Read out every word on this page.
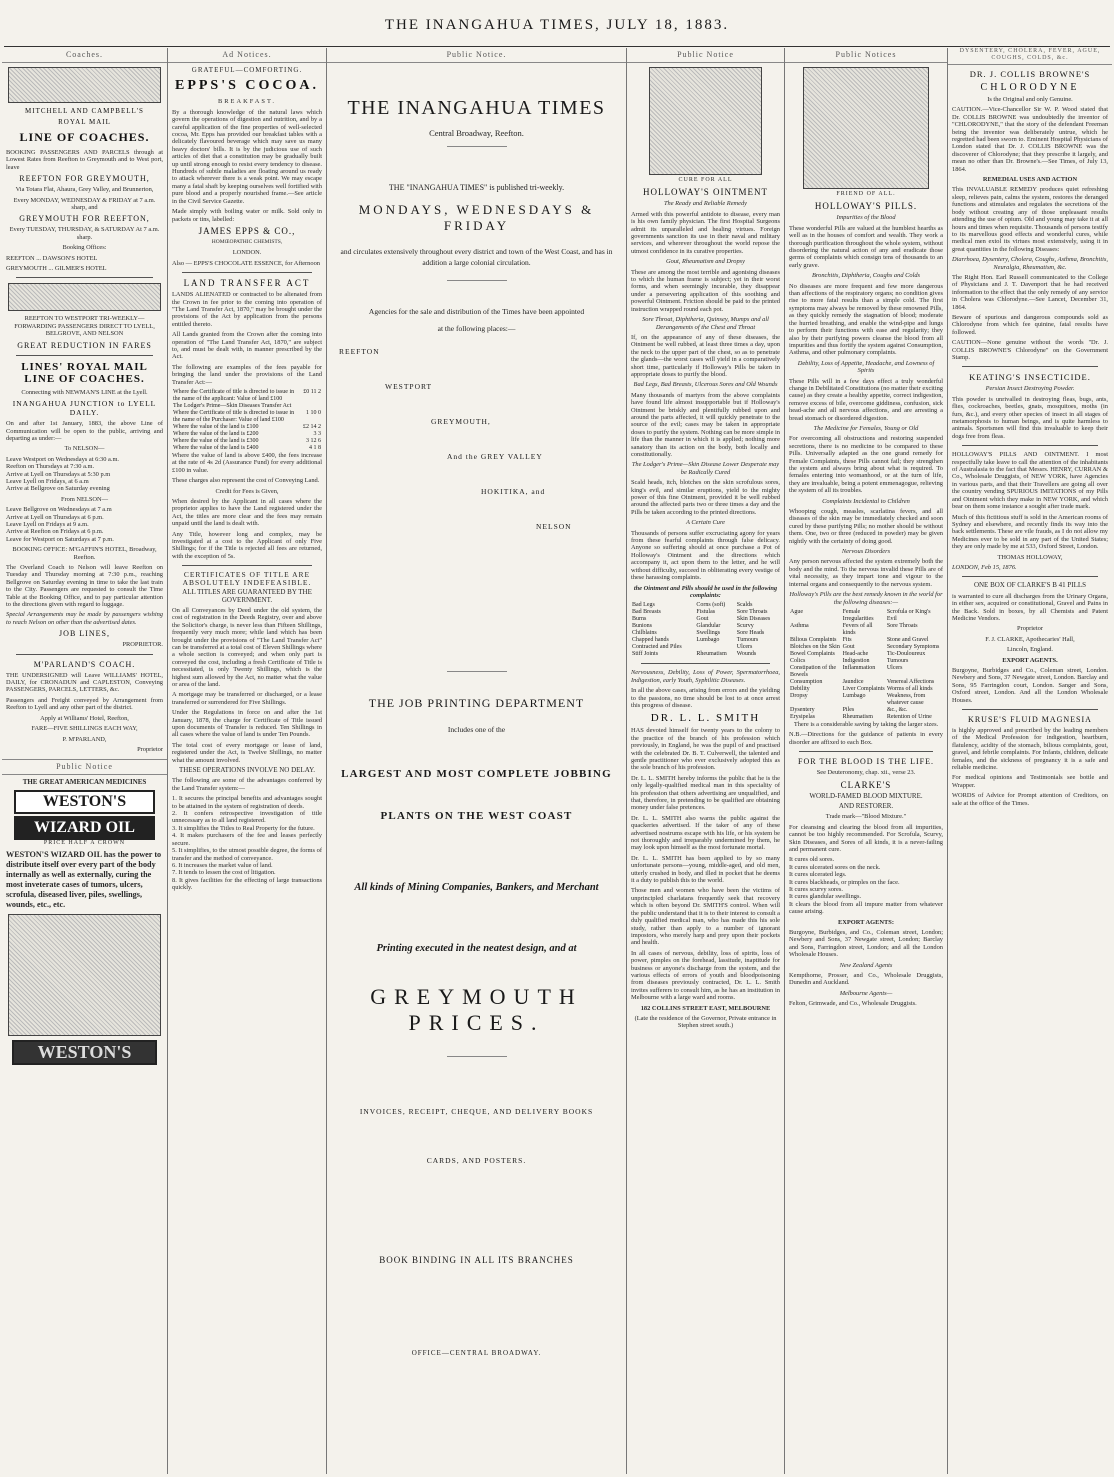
THE INANGAHUA TIMES, JULY 18, 1883.
Coaches.
MITCHELL AND CAMPBELL'S
ROYAL MAIL
LINE OF COACHES.

BOOKING PASSENGERS AND PARCELS through at Lowest Rates from Reefton to Greymouth and to West port, leave

REEFTON FOR GREYMOUTH,

Via Totara Flat, Ahaura, Grey Valley, and Brunnerton,

Every MONDAY, WEDNESDAY & FRIDAY at 7 a.m. sharp, and

GREYMOUTH FOR REEFTON,

Every TUESDAY, THURSDAY, & SATURDAY At 7 a.m. sharp.

Booking Offices:

REEFTON ... DAWSON'S HOTEL

GREYMOUTH ... GILMER'S HOTEL

REEFTON TO WESTPORT TRI-WEEKLY—FORWARDING PASSENGERS DIRECT TO LYELL, BELGROVE, AND NELSON

GREAT REDUCTION IN FARES
LINES' ROYAL MAIL LINE OF COACHES.

Connecting with NEWMAN'S LINE at the Lyell.

INANGAHUA JUNCTION to LYELL DAILY.

On and after 1st January, 1883, the above Line of Communication will be open to the public, arriving and departing as under:—

To NELSON—

Leave Westport on Wednesdays at 6:30 a.m.
Reefton on Thursdays at 7:30 a.m.
Arrive at Lyell on Thursdays at 5:30 p.m
Leave Lyell on Fridays, at 6 a.m
Arrive at Bellgrove on Saturday evening

From NELSON—

Leave Bellgrove on Wednesdays at 7 a.m
Arrive at Lyell on Thursdays at 6 p.m.
Leave Lyell on Fridays at 9 a.m.
Arrive at Reefton on Fridays at 6 p.m.
Leave for Westport on Saturdays at 7 p.m.

BOOKING OFFICE: M'GAFFIN'S HOTEL, Broadway, Reefton.

The Overland Coach to Nelson will leave Reefton on Tuesday and Thursday morning at 7:30 p.m., reaching Bellgrove on Saturday evening in time to take the last train to the City. Passengers are requested to consult the Time Table at the Booking Office, and to pay particular attention to the directions given with regard to luggage.

Special Arrangements may be made by passengers wishing to reach Nelson on other than the advertised dates.

JOB LINES,

PROPRIETOR.

M'PARLAND'S COACH.

THE UNDERSIGNED will Leave WILLIAMS' HOTEL, DAILY, for CRONADUN and CAPLESTON, Conveying PASSENGERS, PARCELS, LETTERS, &c.

Passengers and Freight conveyed by Arrangement from Reefton to Lyell and any other part of the district.

Apply at Williams' Hotel, Reefton,

FARE—FIVE SHILLINGS EACH WAY,

P. M'PARLAND,

Proprietor

Public Notice

THE GREAT AMERICAN MEDICINES

WESTON'S
WIZARD OIL

PRICE HALF A CROWN

WESTON'S WIZARD OIL has the power to distribute itself over every part of the body internally as well as externally, curing the most inveterate cases of tumors, ulcers, scrofula, diseased liver, piles, swellings, wounds, etc., etc.

WESTON'S
Ad Notices.

GRATEFUL—COMFORTING.

EPPS'S COCOA.

BREAKFAST.

By a thorough knowledge of the natural laws which govern the operations of digestion and nutrition, and by a careful application of the fine properties of well-selected cocoa, Mr. Epps has provided our breakfast tables with a delicately flavoured beverage which may save us many heavy doctors' bills. It is by the judicious use of such articles of diet that a constitution may be gradually built up until strong enough to resist every tendency to disease. Hundreds of subtle maladies are floating around us ready to attack wherever there is a weak point. We may escape many a fatal shaft by keeping ourselves well fortified with pure blood and a properly nourished frame.—See article in the Civil Service Gazette.

Made simply with boiling water or milk. Sold only in packets or tins, labelled:

JAMES EPPS & CO.,

HOMŒOPATHIC CHEMISTS,

LONDON.

Also — EPPS'S CHOCOLATE ESSENCE, for Afternoon

LAND TRANSFER ACT

LANDS ALIENATED or contracted to be alienated from the Crown in fee prior to the coming into operation of "The Land Transfer Act, 1870," may be brought under the provisions of the Act by application from the persons entitled thereto.

All Lands granted from the Crown after the coming into operation of "The Land Transfer Act, 1870," are subject to, and must be dealt with, in manner prescribed by the Act.

The following are examples of the fees payable for bringing the land under the provisions of the Land Transfer Act:—

Where the Certificate of title is directed to issue in the name of the applicant: Value of land £100	£0 11 2
The Lodger's Prime—Skin Diseases Transfer Act	
Where the Certificate of title is directed to issue in the name of the Purchaser: Value of land £100	1 10 0
Where the value of the land is £100	£2 14 2
Where the value of the land is £200	3 3
Where the value of the land is £300	3 12 6
Where the value of the land is £400	4 1 8

Where the value of land is above £400, the fees increase at the rate of 4s 2d (Assurance Fund) for every additional £100 in value.

These charges also represent the cost of Conveying Land.

Credit for Fees is Given,

When desired by the Applicant in all cases where the proprietor applies to have the Land registered under the Act, the titles are more clear and the fees may remain unpaid until the land is dealt with.

Any Title, however long and complex, may be investigated at a cost to the Applicant of only Five Shillings; for if the Title is rejected all fees are returned, with the exception of 5s.

CERTIFICATES OF TITLE ARE ABSOLUTELY INDEFEASIBLE.

ALL TITLES ARE GUARANTEED BY THE GOVERNMENT.

On all Conveyances by Deed under the old system, the cost of registration in the Deeds Registry, over and above the Solicitor's charge, is never less than Fifteen Shillings, frequently very much more; while land which has been brought under the provisions of "The Land Transfer Act" can be transferred at a total cost of Eleven Shillings where a whole section is conveyed; and when only part is conveyed the cost, including a fresh Certificate of Title is necessitated, is only Twenty Shillings, which is the highest sum allowed by the Act, no matter what the value or area of the land.

A mortgage may be transferred or discharged, or a lease transferred or surrendered for Five Shillings.

Under the Regulations in force on and after the 1st January, 1878, the charge for Certificate of Title issued upon documents of Transfer is reduced. Ten Shillings in all cases where the value of land is under Ten Pounds.

The total cost of every mortgage or lease of land, registered under the Act, is Twelve Shillings, no matter what the amount involved.

THESE OPERATIONS INVOLVE NO DELAY.

The following are some of the advantages conferred by the Land Transfer system:—

1. It secures the principal benefits and advantages sought to be attained in the system of registration of deeds.
2. It confers retrospective investigation of title unnecessary as to all land registered.
3. It simplifies the Titles to Real Property for the future.
4. It makes purchasers of the fee and leases perfectly secure.
5. It simplifies, to the utmost possible degree, the forms of transfer and the method of conveyance.
6. It increases the market value of land.
7. It tends to lessen the cost of litigation.
8. It gives facilities for the effecting of large transactions quickly.

Public Notice.
THE INANGAHUA TIMES
Central Broadway, Reefton.
THE "INANGAHUA TIMES" is published tri-weekly.
MONDAYS, WEDNESDAYS & FRIDAY
and circulates extensively throughout every district and town of the West Coast, and has in addition a large colonial circulation.
Agencies for the sale and distribution of the Times have been appointed
at the following places:—
REEFTON
WESTPORT
GREYMOUTH,
And the GREY VALLEY
HOKITIKA, and
NELSON
THE JOB PRINTING DEPARTMENT
Includes one of the
LARGEST AND MOST COMPLETE JOBBING
PLANTS ON THE WEST COAST
All kinds of Mining Companies, Bankers, and Merchant
Printing executed in the neatest design, and at
GREYMOUTH PRICES.
INVOICES, RECEIPT, CHEQUE, AND DELIVERY BOOKS
CARDS, AND POSTERS.
BOOK BINDING IN ALL ITS BRANCHES
OFFICE—CENTRAL BROADWAY.
Public Notice

CURE FOR ALL

HOLLOWAY'S OINTMENT

The Ready and Reliable Remedy

Armed with this powerful antidote to disease, every man is his own family physician. The first Hospital Surgeons admit its unparalleled and healing virtues. Foreign governments sanction its use in their naval and military services, and wherever throughout the world repose the utmost confidence in its curative properties.

Gout, Rheumatism and Dropsy

These are among the most terrible and agonising diseases to which the human frame is subject; yet in their worst forms, and when seemingly incurable, they disappear under a persevering application of this soothing and powerful Ointment. Friction should be paid to the printed instruction wrapped round each pot.

Sore Throat, Diphtheria, Quinsey, Mumps and all Derangements of the Chest and Throat

If, on the appearance of any of these diseases, the Ointment be well rubbed, at least three times a day, upon the neck to the upper part of the chest, so as to penetrate the glands—the worst cases will yield in a comparatively short time, particularly if Holloway's Pills be taken in appropriate doses to purify the blood.

Bad Legs, Bad Breasts, Ulcerous Sores and Old Wounds

Many thousands of martyrs from the above complaints have found life almost insupportable but if Holloway's Ointment be briskly and plentifully rubbed upon and around the parts affected, it will quickly penetrate to the source of the evil; cases may be taken in appropriate doses to purify the system. Nothing can be more simple in life than the manner in which it is applied; nothing more sanatory than its action on the body, both locally and constitutionally.

The Lodger's Prime—Skin Disease Lower Desperate may be Radically Cured

Scald heads, itch, blotches on the skin scrofulous sores, king's evil, and similar eruptions, yield to the mighty power of this fine Ointment, provided it be well rubbed around the affected parts two or three times a day and the Pills be taken according to the printed directions.

A Certain Cure

Thousands of persons suffer excruciating agony for years from these fearful complaints through false delicacy. Anyone so suffering should at once purchase a Pot of Holloway's Ointment and the directions which accompany it, act upon them to the letter, and he will without difficulty, succeed in obliterating every vestige of these harassing complaints.

the Ointment and Pills should be used in the following complaints:

Bad Legs	Corns (soft)	Scalds
Bad Breasts	Fistulas	Sore Throats
Burns	Gout	Skin Diseases
Bunions	Glandular	Scurvy
Chilblains	Swellings	Sore Heads
Chapped hands	Lumbago	Tumours
Contracted and Piles		Ulcers
Stiff Joints	Rheumatism	Wounds

Nervousness, Debility, Loss of Power, Spermatorrhoea, Indigestion, early Youth, Syphilitic Diseases.

In all the above cases, arising from errors and the yielding to the passions, no time should be lost to at once arrest this progress of disease.

DR. L. L. SMITH

HAS devoted himself for twenty years to the colony to the practice of the branch of his profession which previously, in England, he was the pupil of and practised with the celebrated Dr. B. T. Culverwell, the talented and gentle practitioner who ever exclusively adopted this as the sole branch of his profession.

Dr. L. L. SMITH hereby informs the public that he is the only legally-qualified medical man in this speciality of his profession that others advertising are unqualified, and that, therefore, in pretending to be qualified are obtaining money under false pretences.

Dr. L. L. SMITH also warns the public against the quackeries advertised. If the taker of any of these advertised nostrums escape with his life, or his system be not thoroughly and irreparably undermined by them, he may look upon himself as the most fortunate mortal.

Dr. L. L. SMITH has been applied to by so many unfortunate persons—young, middle-aged, and old men, utterly crushed in body, and illed in pocket that he deems it a duty to publish this to the world.

Those men and women who have been the victims of unprincipled charlatans frequently seek that recovery which is often beyond Dr. SMITH'S control. When will the public understand that it is to their interest to consult a duly qualified medical man, who has made this his sole study, rather than apply to a number of ignorant impostors, who merely harp and prey upon their pockets and health.

In all cases of nervous, debility, loss of spirits, loss of power, pimples on the forehead, lassitude, inaptitude for business or anyone's discharge from the system, and the various effects of errors of youth and bloodpoisoning from diseases previously contracted, Dr. L. L. Smith invites sufferers to consult him, as he has an institution in Melbourne with a large ward and rooms.

182 COLLINS STREET EAST, MELBOURNE

(Late the residence of the Governor, Private entrance in Stephen street south.)

Public Notices

FRIEND OF ALL.

HOLLOWAY'S PILLS.

Impurities of the Blood

These wonderful Pills are valued at the humblest hearths as well as in the houses of comfort and wealth. They work a thorough purification throughout the whole system, without disordering the natural action of any and eradicate those germs of complaints which consign tens of thousands to an early grave.

Bronchitis, Diphtheria, Coughs and Colds

No diseases are more frequent and few more dangerous than affections of the respiratory organs; no condition gives rise to more fatal results than a simple cold. The first symptoms may always be removed by these renowned Pills, as they quickly remedy the stagnation of blood; moderate the hurried breathing, and enable the wind-pipe and lungs to perform their functions with ease and regularity; they also by their purifying powers cleanse the blood from all impurities and thus fortify the system against Consumption, Asthma, and other pulmonary complaints.

Debility, Loss of Appetite, Headache, and Lowness of Spirits

These Pills will in a few days effect a truly wonderful change in Debilitated Constitutions (no matter their exciting cause) as they create a healthy appetite, correct indigestion, remove excess of bile, overcome giddiness, confusion, sick head-ache and all nervous affections, and are arresting a bread stomach or disordered digestion.

The Medicine for Females, Young or Old

For overcoming all obstructions and restoring suspended secretions, there is no medicine to be compared to these Pills. Universally adapted as the one grand remedy for Female Complaints, these Pills cannot fail; they strengthen the system and always bring about what is required. To females entering into womanhood, or at the turn of life, they are invaluable, being a potent emmenagogue, relieving the system of all its troubles.

Complaints Incidental to Children

Whooping cough, measles, scarlatina fevers, and all diseases of the skin may be immediately checked and soon cured by these purifying Pills; no mother should be without them. One, two or three (reduced in powder) may be given nightly with the certainty of doing good.

Nervous Disorders

Any person nervous affected the system extremely both the body and the mind. To the nervous invalid these Pills are of vital necessity, as they impart tone and vigour to the internal organs and consequently to the nervous system.

Holloway's Pills are the best remedy known in the world for the following diseases:—

Ague	Female Irregularities	Scrofula or King's Evil
Asthma	Fevers of all kinds	Sore Throats
Bilious Complaints	Fits	Stone and Gravel
Blotches on the Skin	Gout	Secondary Symptoms
Bowel Complaints	Head-ache	Tic-Douloureux
Colics	Indigestion	Tumours
Constipation of the Bowels	Inflammation	Ulcers
Consumption	Jaundice	Venereal Affections
Debility	Liver Complaints	Worms of all kinds
Dropsy	Lumbago	Weakness, from whatever cause
Dysentery	Piles	&c., &c.
Erysipelas	Rheumatism	Retention of Urine

There is a considerable saving by taking the larger sizes.

N.B.—Directions for the guidance of patients in every disorder are affixed to each Box.

FOR THE BLOOD IS THE LIFE.

See Deuteronomy, chap. xii., verse 23.

CLARKE'S

WORLD-FAMED BLOOD MIXTURE.

AND RESTORER.

Trade mark—"Blood Mixture."

For cleansing and clearing the blood from all impurities, cannot be too highly recommended. For Scrofula, Scurvy, Skin Diseases, and Sores of all kinds, it is a never-failing and permanent cure.

It cures old sores.
It cures ulcerated sores on the neck.
It cures ulcerated legs.
It cures blackheads, or pimples on the face.
It cures scurvy sores.
It cures glandular swellings.
It clears the blood from all impure matter from whatever cause arising.

EXPORT AGENTS:

Burgoyne, Burbidges, and Co., Coleman street, London; Newbery and Sons, 37 Newgate street, London; Barclay and Sons, Farringdon street, London; and all the London Wholesale Houses.

New Zealand Agents

Kempthorne, Prosser, and Co., Wholesale Druggists, Dunedin and Auckland.

Melbourne Agents—

Felton, Grimwade, and Co., Wholesale Druggists.

DYSENTERY, CHOLERA, FEVER, AGUE, COUGHS, COLDS, &c.
DR. J. COLLIS BROWNE'S
CHLORODYNE

Is the Original and only Genuine.

CAUTION.—Vice-Chancellor Sir W. P. Wood stated that Dr. COLLIS BROWNE was undoubtedly the inventor of "CHLORODYNE," that the story of the defendant Freeman being the inventor was deliberately untrue, which he regretted had been sworn to. Eminent Hospital Physicians of London stated that Dr. J. COLLIS BROWNE was the discoverer of Chlorodyne; that they prescribe it largely, and mean no other than Dr. Browne's.—See Times, of July 13, 1864.

REMEDIAL USES AND ACTION

This INVALUABLE REMEDY produces quiet refreshing sleep, relieves pain, calms the system, restores the deranged functions and stimulates and regulates the secretions of the body without creating any of those unpleasant results attending the use of opium. Old and young may take it at all hours and times when requisite. Thousands of persons testify to its marvellous good effects and wonderful cures, while medical men extol its virtues most extensively, using it in great quantities in the following Diseases:

Diarrhoea, Dysentery, Cholera, Coughs, Asthma, Bronchitis, Neuralgia, Rheumatism, &c.

The Right Hon. Earl Russell communicated to the College of Physicians and J. T. Davenport that he had received information to the effect that the only remedy of any service in Cholera was Chlorodyne.—See Lancet, December 31, 1864.

Beware of spurious and dangerous compounds sold as Chlorodyne from which fee quinine, fatal results have followed.

CAUTION—None genuine without the words "Dr. J. COLLIS BROWNE'S Chlorodyne" on the Government Stamp.

KEATING'S INSECTICIDE.

Persian Insect Destroying Powder.

This powder is unrivalled in destroying fleas, bugs, ants, flies, cockroaches, beetles, gnats, mosquitoes, moths (in furs, &c.), and every other species of insect in all stages of metamorphosis to human beings, and is quite harmless to animals. Sportsmen will find this invaluable to keep their dogs free from fleas.

HOLLOWAY'S PILLS AND OINTMENT. I most respectfully take leave to call the attention of the inhabitants of Australasia to the fact that Messrs. HENRY, CURRAN & Co., Wholesale Druggists, of NEW YORK, have Agencies in various parts, and that their Travellers are going all over the country vending SPURIOUS IMITATIONS of my Pills and Ointment which they make in NEW YORK, and which bear on them some instance a sought after trade mark.

Much of this fictitious stuff is sold in the American rooms of Sydney and elsewhere, and recently finds its way into the back settlements. These are vile frauds, as I do not allow my Medicines ever to be sold in any part of the United States; they are only made by me at 533, Oxford Street, London.

THOMAS HOLLOWAY,

LONDON, Feb 15, 1876.

ONE BOX OF CLARKE'S B 41 PILLS

is warranted to cure all discharges from the Urinary Organs, in either sex, acquired or constitutional, Gravel and Pains in the Back. Sold in boxes, by all Chemists and Patent Medicine Vendors.

Proprietor

F. J. CLARKE, Apothecaries' Hall,

Lincoln, England.

EXPORT AGENTS.

Burgoyne, Burbidges and Co., Coleman street, London. Newbery and Sons, 37 Newgate street, London. Barclay and Sons, 95 Farringdon court, London. Sanger and Sons, Oxford street, London. And all the London Wholesale Houses.

KRUSE'S FLUID MAGNESIA

is highly approved and prescribed by the leading members of the Medical Profession for indigestion, heartburn, flatulency, acidity of the stomach, bilious complaints, gout, gravel, and febrile complaints. For Infants, children, delicate females, and the sickness of pregnancy it is a safe and reliable medicine.

For medical opinions and Testimonials see bottle and Wrapper.

WORDS of Advice for Prompt attention of Creditors, on sale at the office of the Times.
